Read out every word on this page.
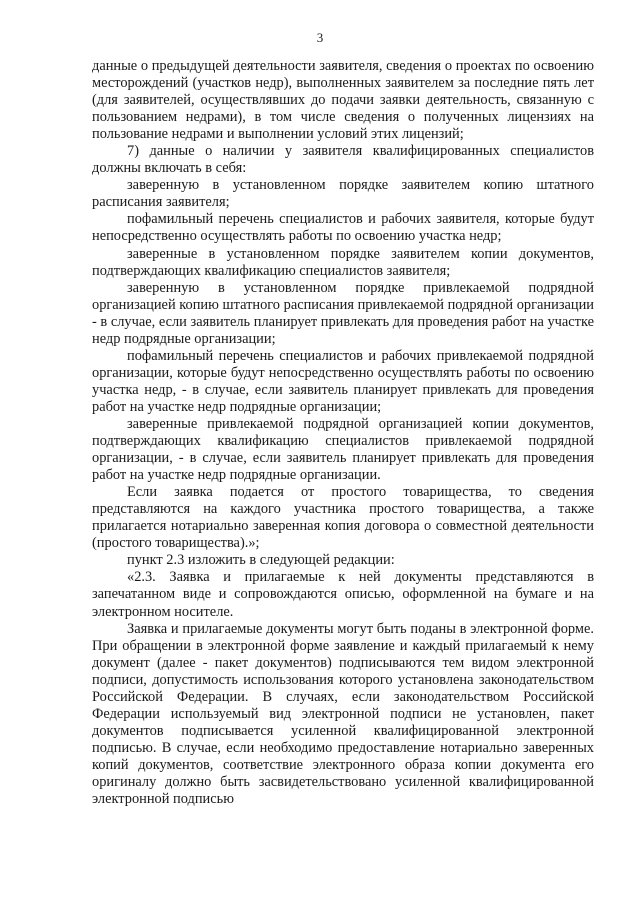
3

данные о предыдущей деятельности заявителя, сведения о проектах по освоению месторождений (участков недр), выполненных заявителем за последние пять лет (для заявителей, осуществлявших до подачи заявки деятельность, связанную с пользованием недрами), в том числе сведения о полученных лицензиях на пользование недрами и выполнении условий этих лицензий;

7) данные о наличии у заявителя квалифицированных специалистов должны включать в себя:

заверенную в установленном порядке заявителем копию штатного расписания заявителя;

пофамильный перечень специалистов и рабочих заявителя, которые будут непосредственно осуществлять работы по освоению участка недр;

заверенные в установленном порядке заявителем копии документов, подтверждающих квалификацию специалистов заявителя;

заверенную в установленном порядке привлекаемой подрядной организацией копию штатного расписания привлекаемой подрядной организации - в случае, если заявитель планирует привлекать для проведения работ на участке недр подрядные организации;

пофамильный перечень специалистов и рабочих привлекаемой подрядной организации, которые будут непосредственно осуществлять работы по освоению участка недр, - в случае, если заявитель планирует привлекать для проведения работ на участке недр подрядные организации;

заверенные привлекаемой подрядной организацией копии документов, подтверждающих квалификацию специалистов привлекаемой подрядной организации, - в случае, если заявитель планирует привлекать для проведения работ на участке недр подрядные организации.

Если заявка подается от простого товарищества, то сведения представляются на каждого участника простого товарищества, а также прилагается нотариально заверенная копия договора о совместной деятельности (простого товарищества).»;

пункт 2.3 изложить в следующей редакции:

«2.3. Заявка и прилагаемые к ней документы представляются в запечатанном виде и сопровождаются описью, оформленной на бумаге и на электронном носителе.

Заявка и прилагаемые документы могут быть поданы в электронной форме. При обращении в электронной форме заявление и каждый прилагаемый к нему документ (далее - пакет документов) подписываются тем видом электронной подписи, допустимость использования которого установлена законодательством Российской Федерации. В случаях, если законодательством Российской Федерации используемый вид электронной подписи не установлен, пакет документов подписывается усиленной квалифицированной электронной подписью. В случае, если необходимо предоставление нотариально заверенных копий документов, соответствие электронного образа копии документа его оригиналу должно быть засвидетельствовано усиленной квалифицированной электронной подписью
